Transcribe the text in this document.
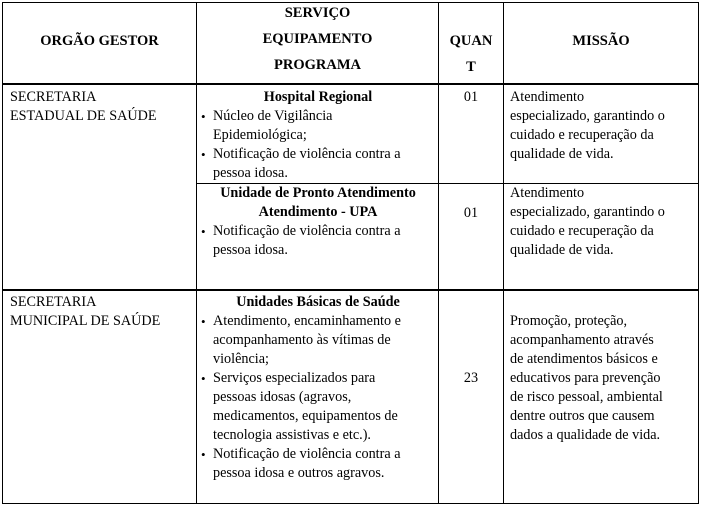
ORGÃO GESTOR
SERVIÇO
EQUIPAMENTO
PROGRAMA
QUAN
T
MISSÃO
SECRETARIA
ESTADUAL DE SAÚDE
Hospital Regional
• Núcleo de Vigilância
Epidemiológica;
• Notificação de violência contra a
pessoa idosa.
01	Atendimento
especializado, garantindo o
cuidado e recuperação da
qualidade de vida.
Unidade de Pronto Atendimento
Atendimento - UPA
• Notificação de violência contra a
pessoa idosa.
01
Atendimento
especializado, garantindo o
cuidado e recuperação da
qualidade de vida.
SECRETARIA
MUNICIPAL DE SAÚDE
Unidades Básicas de Saúde
• Atendimento, encaminhamento e
acompanhamento às vítimas de
violência;
• Serviços especializados para
pessoas idosas (agravos,
medicamentos, equipamentos de
tecnologia assistivas e etc.).
• Notificação de violência contra a
pessoa idosa e outros agravos.
23
Promoção, proteção,
acompanhamento através
de atendimentos básicos e
educativos para prevenção
de risco pessoal, ambiental
dentre outros que causem
dados a qualidade de vida.
